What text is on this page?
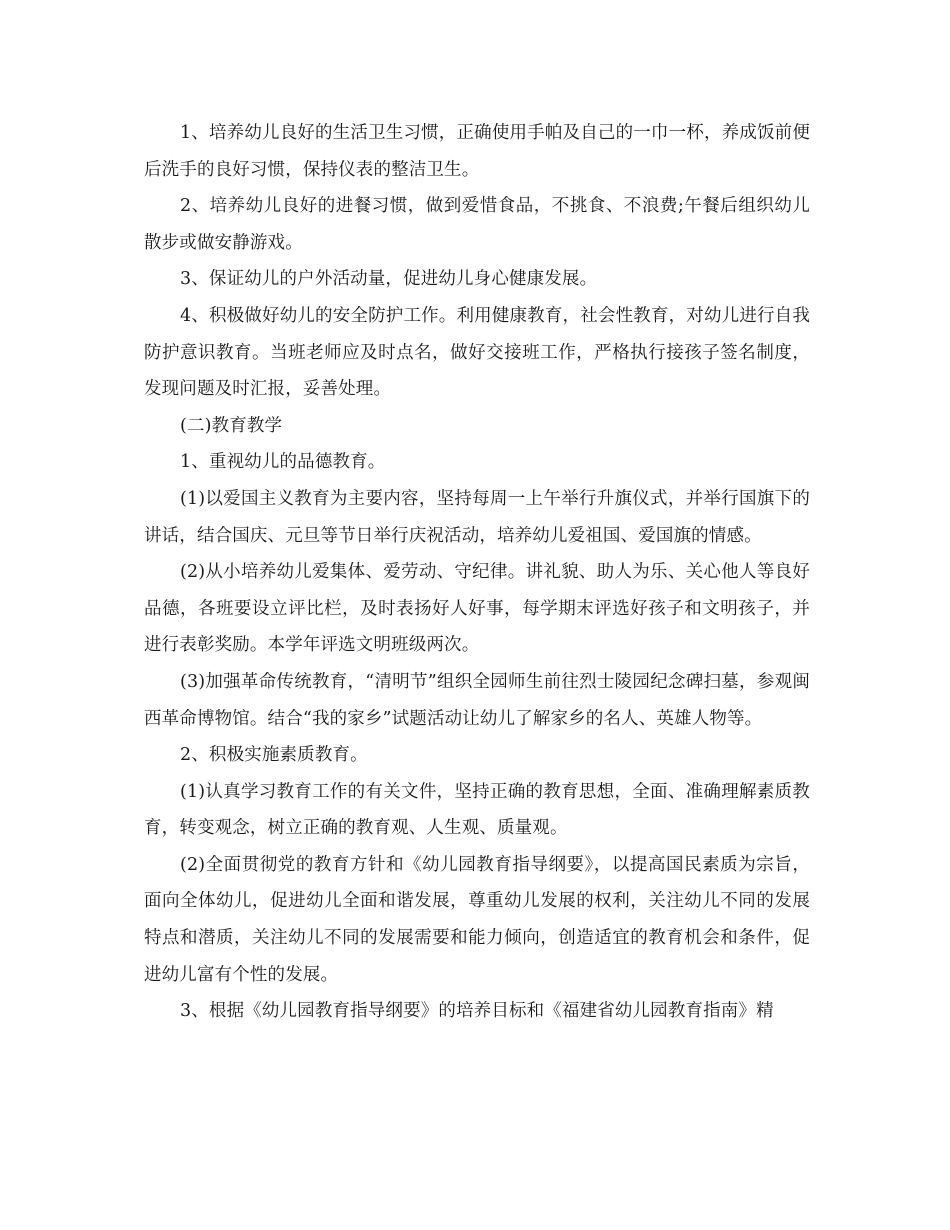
1、培养幼儿良好的生活卫生习惯，正确使用手帕及自己的一巾一杯，养成饭前便后洗手的良好习惯，保持仪表的整洁卫生。

2、培养幼儿良好的进餐习惯，做到爱惜食品，不挑食、不浪费;午餐后组织幼儿散步或做安静游戏。

3、保证幼儿的户外活动量，促进幼儿身心健康发展。

4、积极做好幼儿的安全防护工作。利用健康教育，社会性教育，对幼儿进行自我防护意识教育。当班老师应及时点名，做好交接班工作，严格执行接孩子签名制度，发现问题及时汇报，妥善处理。

(二)教育教学

1、重视幼儿的品德教育。

(1)以爱国主义教育为主要内容，坚持每周一上午举行升旗仪式，并举行国旗下的讲话，结合国庆、元旦等节日举行庆祝活动，培养幼儿爱祖国、爱国旗的情感。

(2)从小培养幼儿爱集体、爱劳动、守纪律。讲礼貌、助人为乐、关心他人等良好品德，各班要设立评比栏，及时表扬好人好事，每学期末评选好孩子和文明孩子，并进行表彰奖励。本学年评选文明班级两次。

(3)加强革命传统教育，“清明节”组织全园师生前往烈士陵园纪念碑扫墓，参观闽西革命博物馆。结合“我的家乡”试题活动让幼儿了解家乡的名人、英雄人物等。

2、积极实施素质教育。

(1)认真学习教育工作的有关文件，坚持正确的教育思想，全面、准确理解素质教育，转变观念，树立正确的教育观、人生观、质量观。

(2)全面贯彻党的教育方针和《幼儿园教育指导纲要》，以提高国民素质为宗旨，面向全体幼儿，促进幼儿全面和谐发展，尊重幼儿发展的权利，关注幼儿不同的发展特点和潜质，关注幼儿不同的发展需要和能力倾向，创造适宜的教育机会和条件，促进幼儿富有个性的发展。

3、根据《幼儿园教育指导纲要》的培养目标和《福建省幼儿园教育指南》精
